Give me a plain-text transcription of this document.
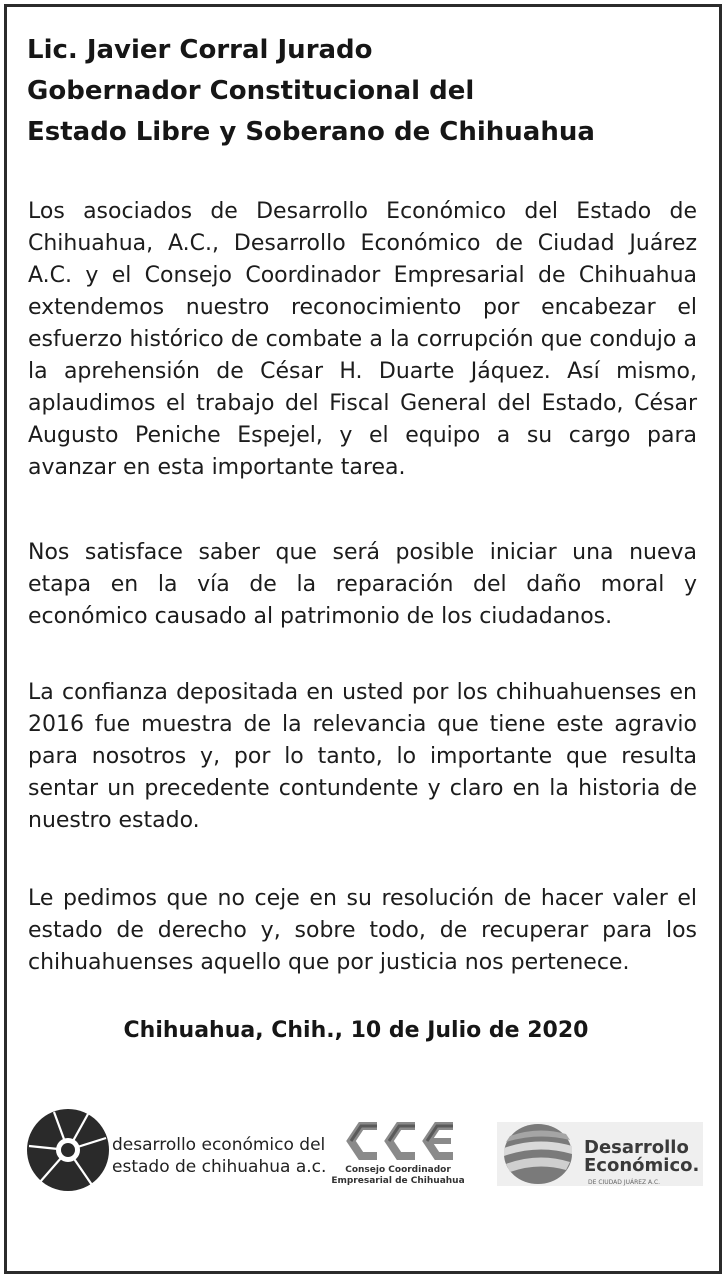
Lic. Javier Corral Jurado
Gobernador Constitucional del
Estado Libre y Soberano de Chihuahua
Los asociados de Desarrollo Económico del Estado de Chihuahua, A.C., Desarrollo Económico de Ciudad Juárez A.C. y el Consejo Coordinador Empresarial de Chihuahua extendemos nuestro reconocimiento por encabezar el esfuerzo histórico de combate a la corrupción que condujo a la aprehensión de César H. Duarte Jáquez. Así mismo, aplaudimos el trabajo del Fiscal General del Estado, César Augusto Peniche Espejel, y el equipo a su cargo para avanzar en esta importante tarea.
Nos satisface saber que será posible iniciar una nueva etapa en la vía de la reparación del daño moral y económico causado al patrimonio de los ciudadanos.
La confianza depositada en usted por los chihuahuenses en 2016 fue muestra de la relevancia que tiene este agravio para nosotros y, por lo tanto, lo importante que resulta sentar un precedente contundente y claro en la historia de nuestro estado.
Le pedimos que no ceje en su resolución de hacer valer el estado de derecho y, sobre todo, de recuperar para los chihuahuenses aquello que por justicia nos pertenece.
Chihuahua, Chih., 10 de Julio de 2020
desarrollo económico del
estado de chihuahua a.c.	Consejo Coordinador
Empresarial de Chihuahua
Desarrollo
Económico.
DE CIUDAD JUÁREZ A.C.
